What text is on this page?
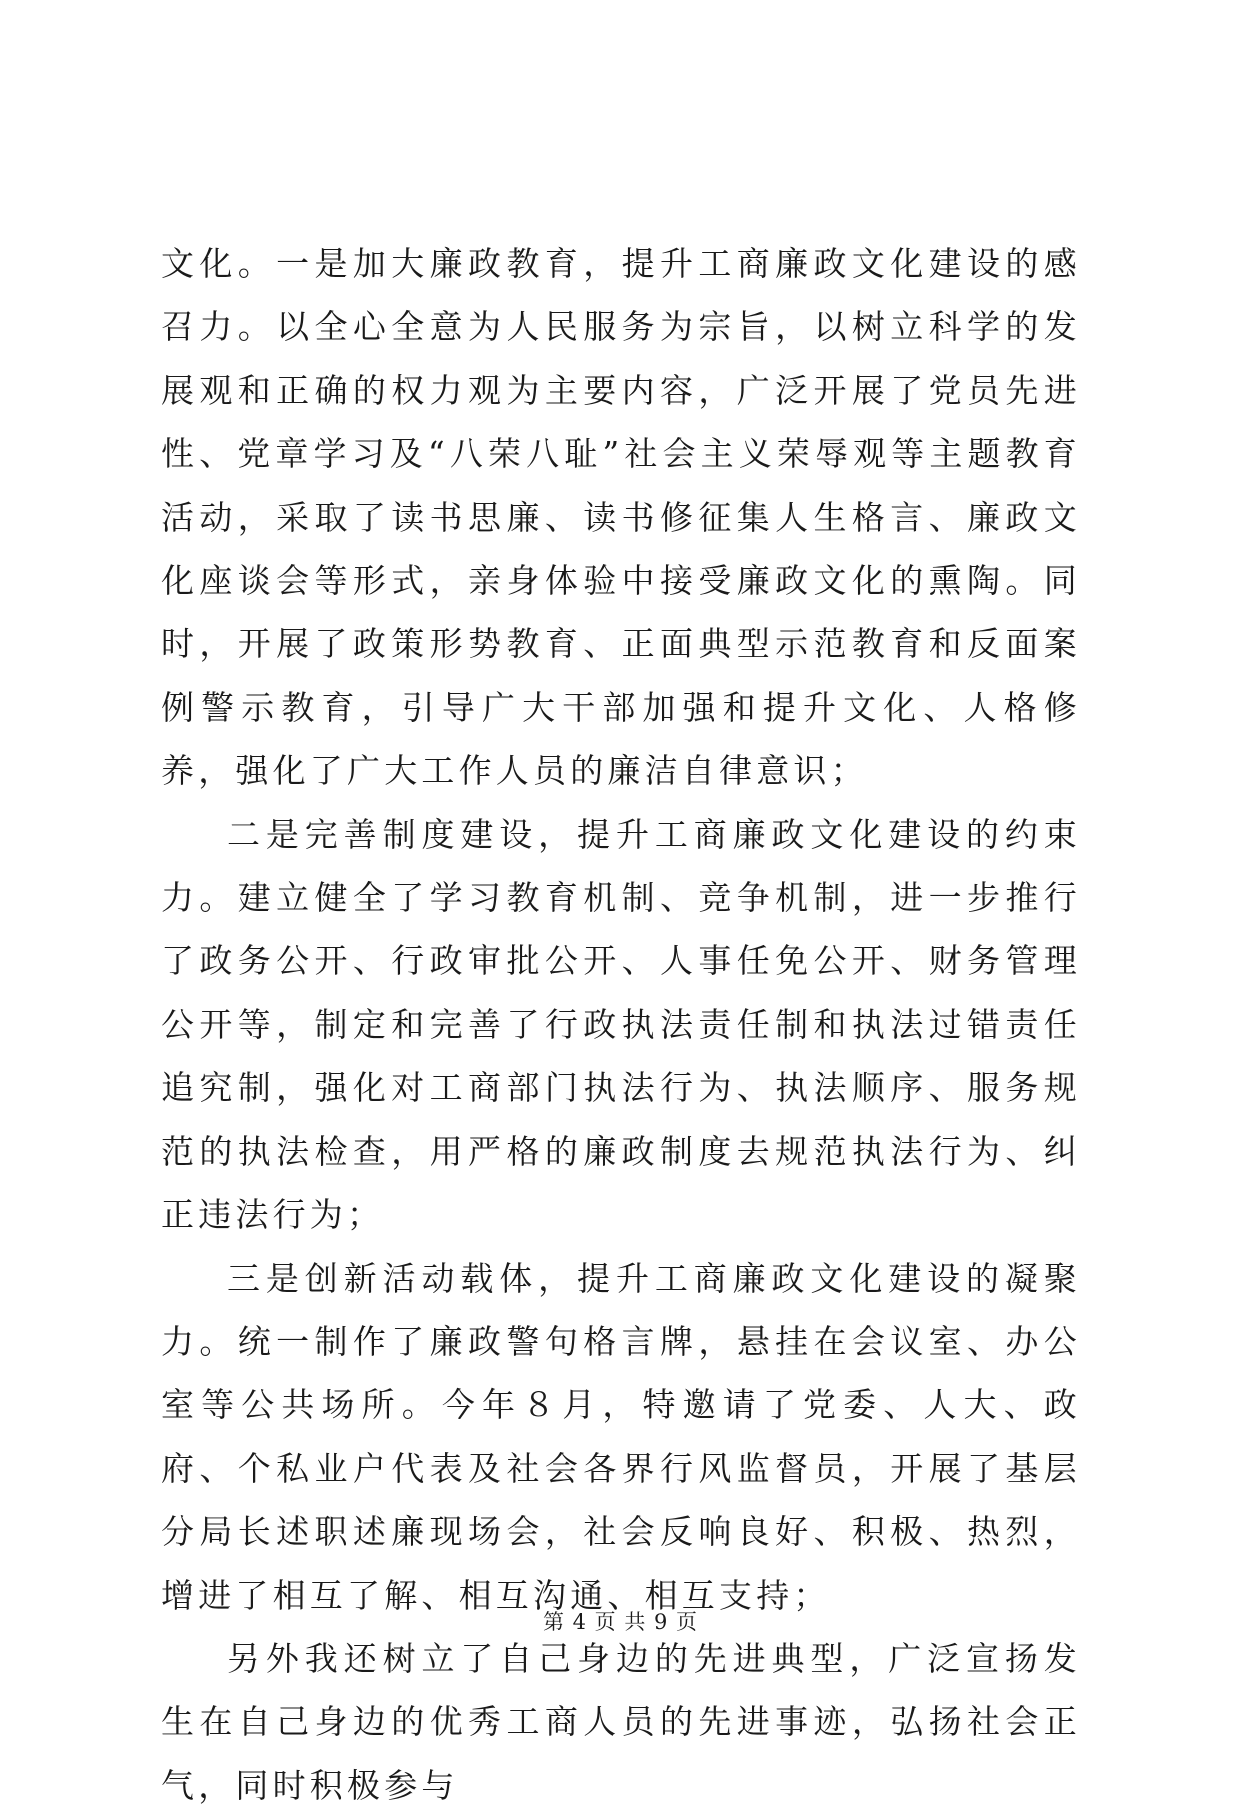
文化。一是加大廉政教育，提升工商廉政文化建设的感召力。以全心全意为人民服务为宗旨，以树立科学的发展观和正确的权力观为主要内容，广泛开展了党员先进性、党章学习及“八荣八耻”社会主义荣辱观等主题教育活动，采取了读书思廉、读书修征集人生格言、廉政文化座谈会等形式，亲身体验中接受廉政文化的熏陶。同时，开展了政策形势教育、正面典型示范教育和反面案例警示教育，引导广大干部加强和提升文化、人格修养，强化了广大工作人员的廉洁自律意识；

二是完善制度建设，提升工商廉政文化建设的约束力。建立健全了学习教育机制、竞争机制，进一步推行了政务公开、行政审批公开、人事任免公开、财务管理公开等，制定和完善了行政执法责任制和执法过错责任追究制，强化对工商部门执法行为、执法顺序、服务规范的执法检查，用严格的廉政制度去规范执法行为、纠正违法行为；

三是创新活动载体，提升工商廉政文化建设的凝聚力。统一制作了廉政警句格言牌，悬挂在会议室、办公室等公共场所。今年８月，特邀请了党委、人大、政府、个私业户代表及社会各界行风监督员，开展了基层分局长述职述廉现场会，社会反响良好、积极、热烈，增进了相互了解、相互沟通、相互支持；

另外我还树立了自己身边的先进典型，广泛宣扬发生在自己身边的优秀工商人员的先进事迹，弘扬社会正气，同时积极参与

第 4 页 共 9 页
